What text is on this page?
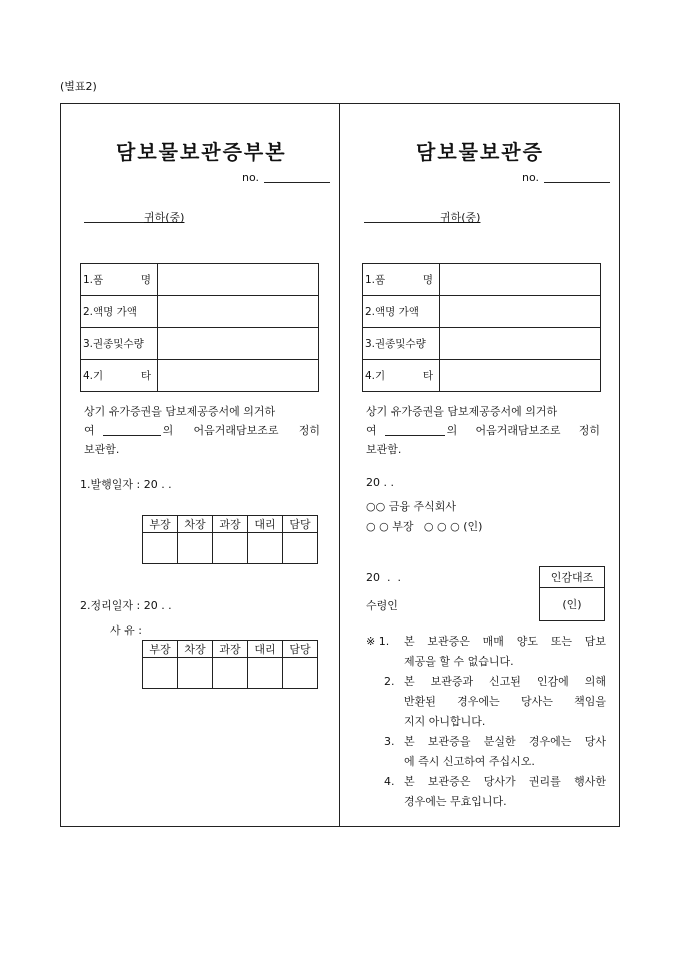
(별표2)
담보물보관증부본
no.
귀하(중)
1.품 명	

2.액명 가액	

3.권종및수량	

4.기 타	

상기 유가증권을 담보제공증서에 의거하
여	의 어음거래담보조로 정히
보관함.
1.발행일자 : 20 . .
부장	차장	과장	대리	담당

2.정리일자 : 20 . .
사 유 :
부장	차장	과장	대리	담당

담보물보관증
no.
귀하(중)
1.품 명	

2.액명 가액	

3.권종및수량	

4.기 타	

상기 유가증권을 담보제공증서에 의거하
여	의 어음거래담보조로 정히
보관함.
20 . .
○○ 금융 주식회사
○ ○ 부장   ○ ○ ○ (인)
20  .  .
수령인
인감대조
(인)
※ 1.	본 보관증은 매매 양도 또는 담보
제공을 할 수 없습니다.
2. 본 보관증과 신고된 인감에 의해
반환된 경우에는 당사는 책임을
지지 아니합니다.
3. 본 보관증을 분실한 경우에는 당사
에 즉시 신고하여 주십시오.
4. 본 보관증은 당사가 권리를 행사한
경우에는 무효입니다.
